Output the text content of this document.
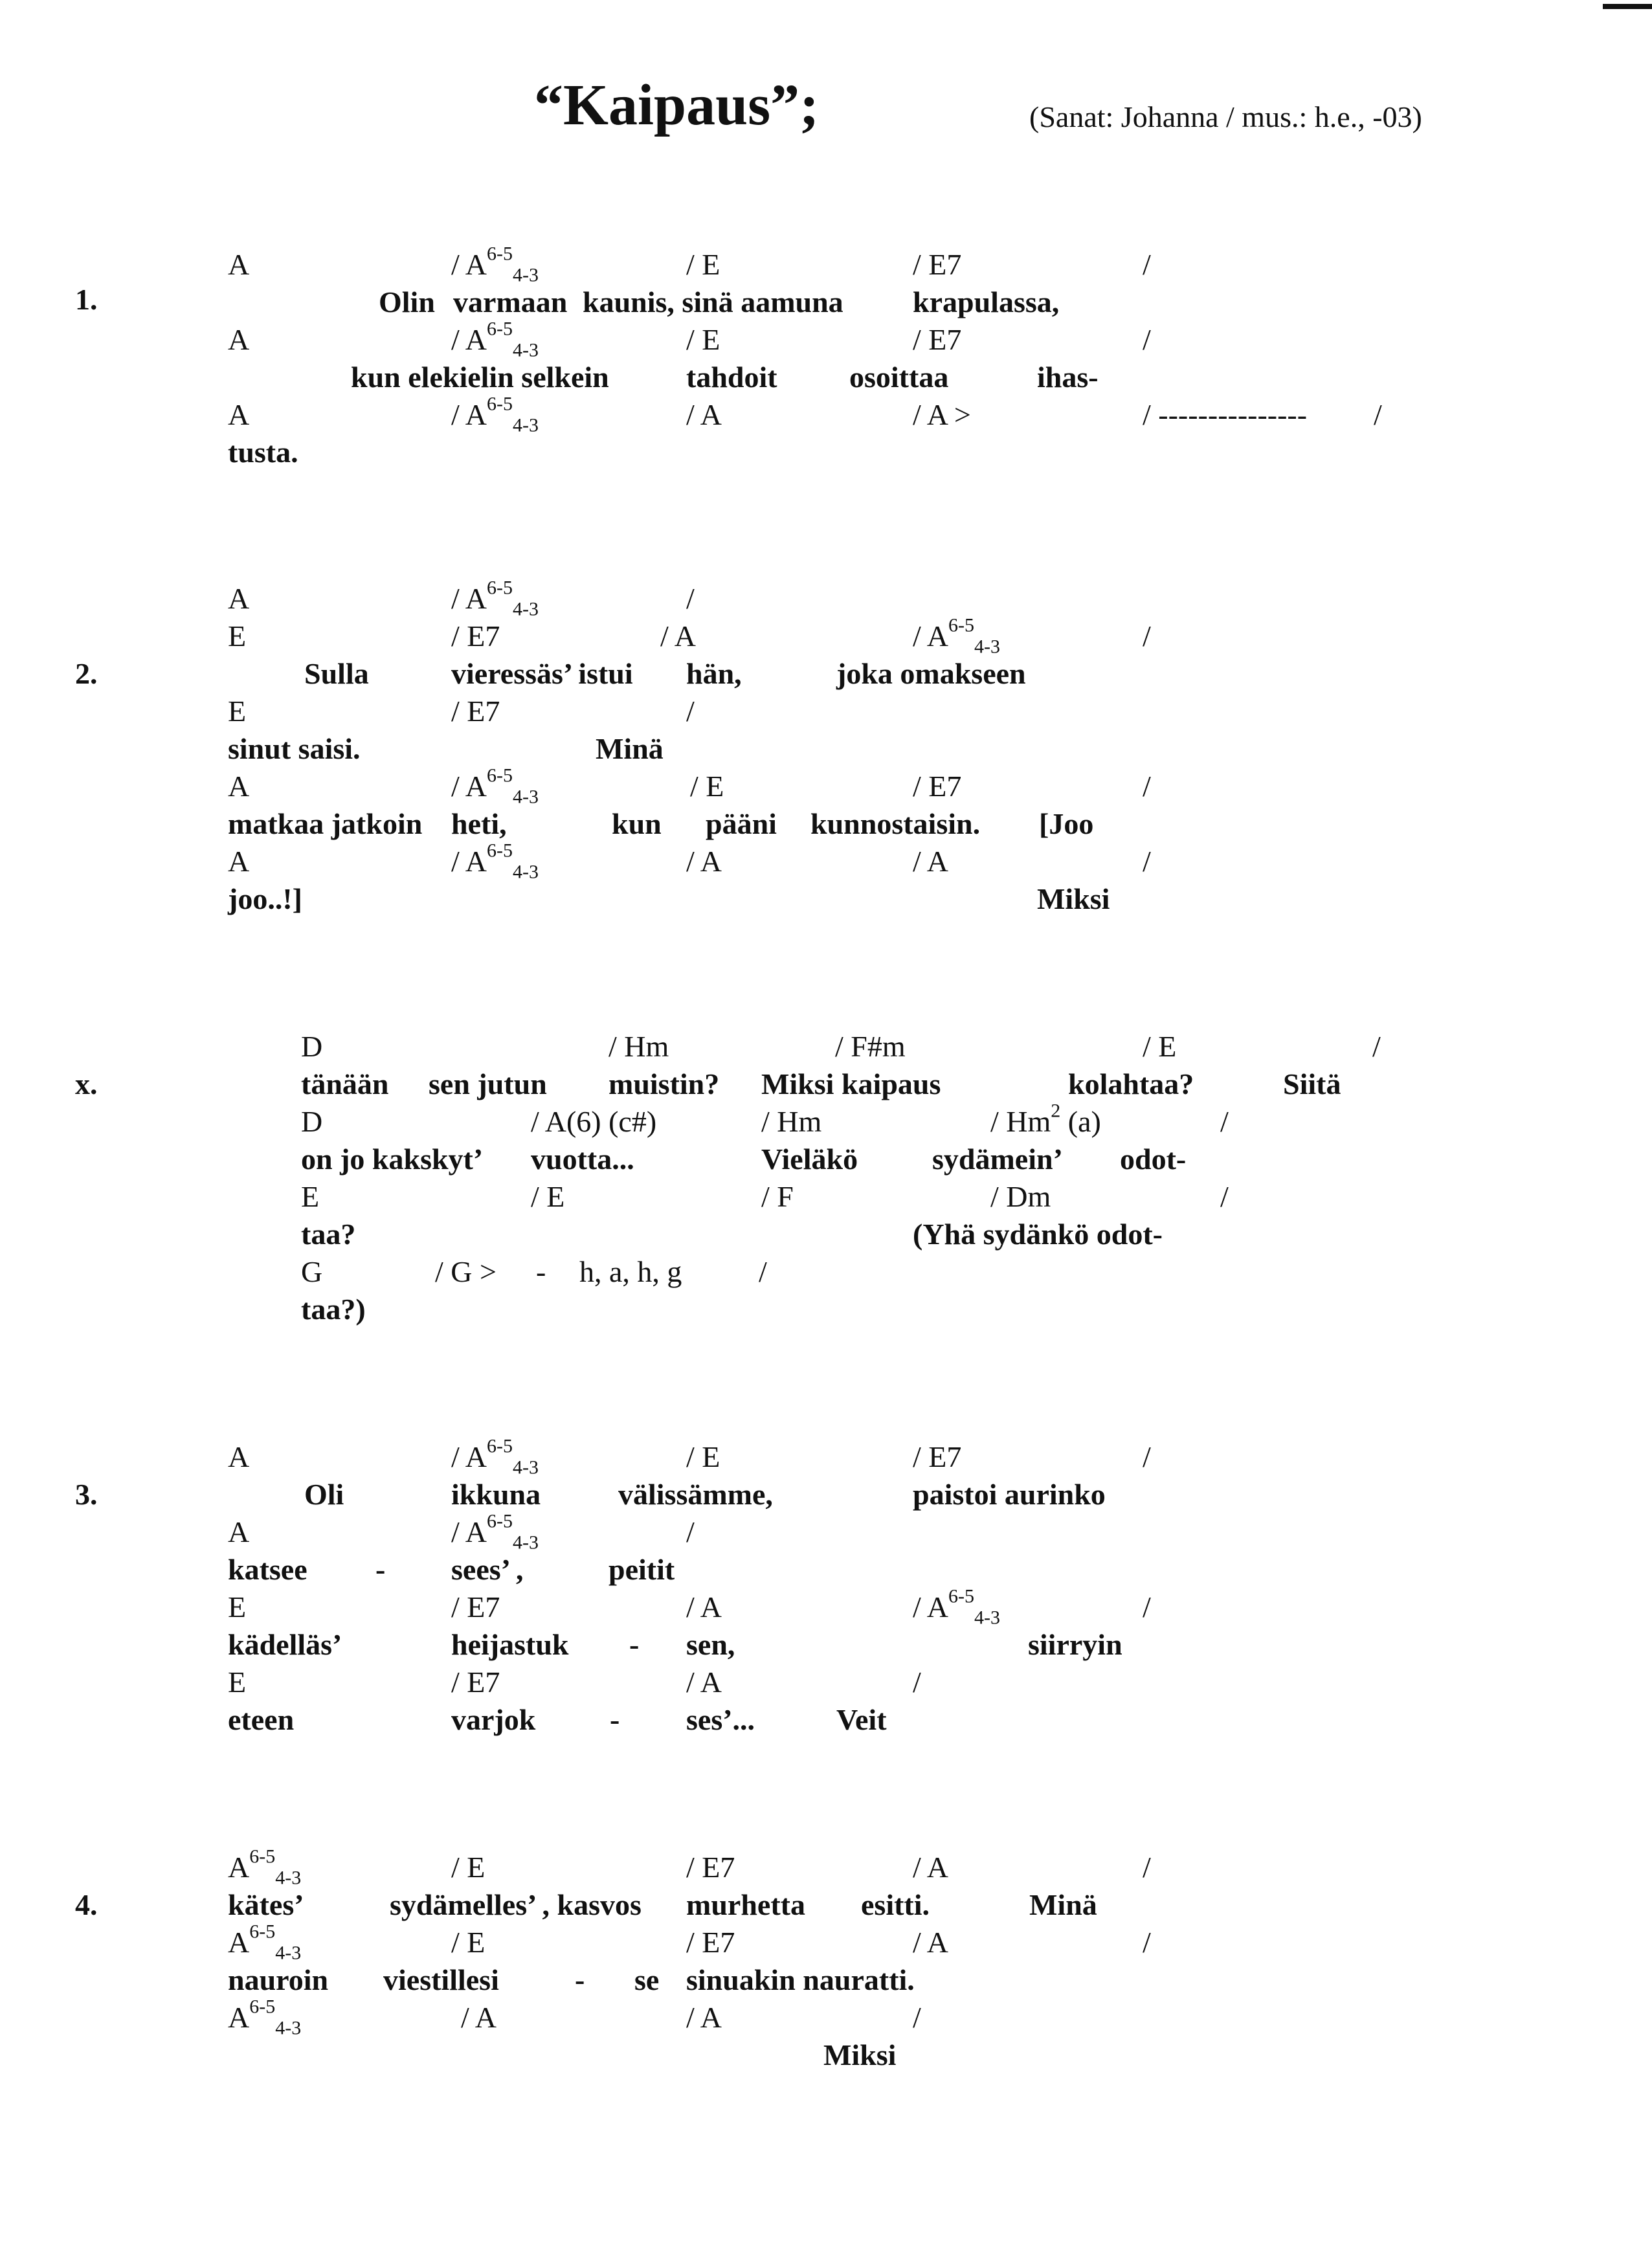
“Kaipaus”;	(Sanat: Johanna / mus.: h.e., -03)
1.
A	/ $A^{6-5}_{4-3}$	/ E	/ E7	/
Olin varmaan kaunis, sinä aamuna krapulassa,
A	/ $A^{6-5}_{4-3}$	/ E	/ E7	/
kun elekielin selkein	tahdoit osoittaa	ihas-
A	/ $A^{6-5}_{4-3}$	/ A	/ A >	/ --------------- /
tusta.
A	/ $A^{6-5}_{4-3}$	/
E	/ E7	/ A	/ $A^{6-5}_{4-3}$	/
2.	Sulla	vieressäs’ istui hän,	joka omakseen
E	/ E7	/
sinut saisi.	Minä
A	/ $A^{6-5}_{4-3}$	/ E	/ E7	/
matkaa jatkoin heti,	kun pääni kunnostaisin. [Joo
A	/ $A^{6-5}_{4-3}$	/ A	/ A	/
joo..!]	Miksi
D	/ Hm	/ F#m	/ E	/
x.	tänään sen jutun muistin? Miksi kaipaus	kolahtaa?	Siitä
D	/ A(6) (c#)	/ Hm	/ Hm$^2$ (a)	/
on jo kakskyt’ vuotta...	Vieläkö sydämein’ odot-
E	/ E	/ F	/ Dm	/
taa?	(Yhä sydänkö odot-
G	/ G > - h, a, h, g	/
taa?)
A	/ $A^{6-5}_{4-3}$	/ E	/ E7	/
3.	Oli	ikkuna	välissämme,	paistoi aurinko
A	/ $A^{6-5}_{4-3}$	/
katsee - sees’ ,	peitit
E	/ E7	/ A	/ $A^{6-5}_{4-3}$	/
kädelläs’	heijastuk - sen,	siirryin
E	/ E7	/ A	/
eteen	varjok - ses’...	Veit
$A^{6-5}_{4-3}$	/ E	/ E7	/ A	/
4.	kätes’	sydämelles’ , kasvos murhetta esitti.	Minä
$A^{6-5}_{4-3}$	/ E	/ E7	/ A	/
nauroin viestillesi	- se sinuakin nauratti.
$A^{6-5}_{4-3}$	/ A	/ A	/
Miksi
